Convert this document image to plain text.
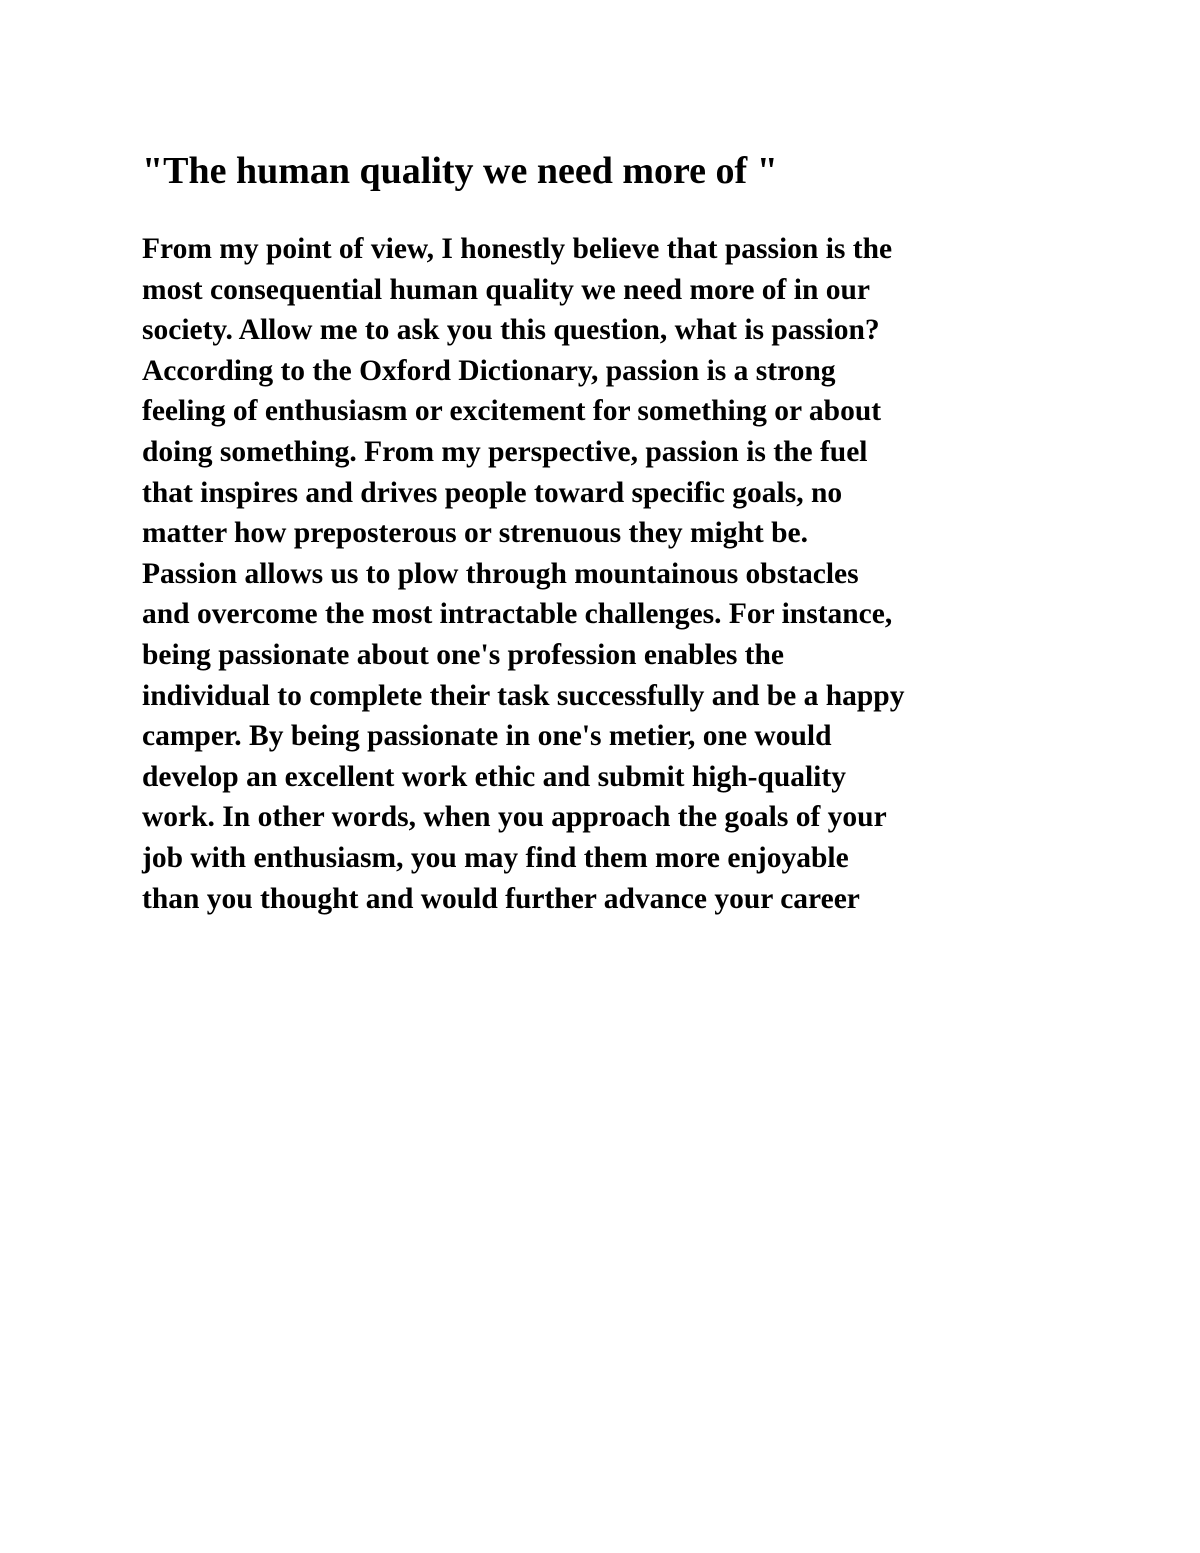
"The human quality we need more of "
From my point of view, I honestly believe that passion is the
most consequential human quality we need more of in our
society. Allow me to ask you this question, what is passion?
According to the Oxford Dictionary, passion is a strong
feeling of enthusiasm or excitement for something or about
doing something. From my perspective, passion is the fuel
that inspires and drives people toward specific goals, no
matter how preposterous or strenuous they might be.
Passion allows us to plow through mountainous obstacles
and overcome the most intractable challenges. For instance,
being passionate about one's profession enables the
individual to complete their task successfully and be a happy
camper. By being passionate in one's metier, one would
develop an excellent work ethic and submit high-quality
work. In other words, when you approach the goals of your
job with enthusiasm, you may find them more enjoyable
than you thought and would further advance your career
